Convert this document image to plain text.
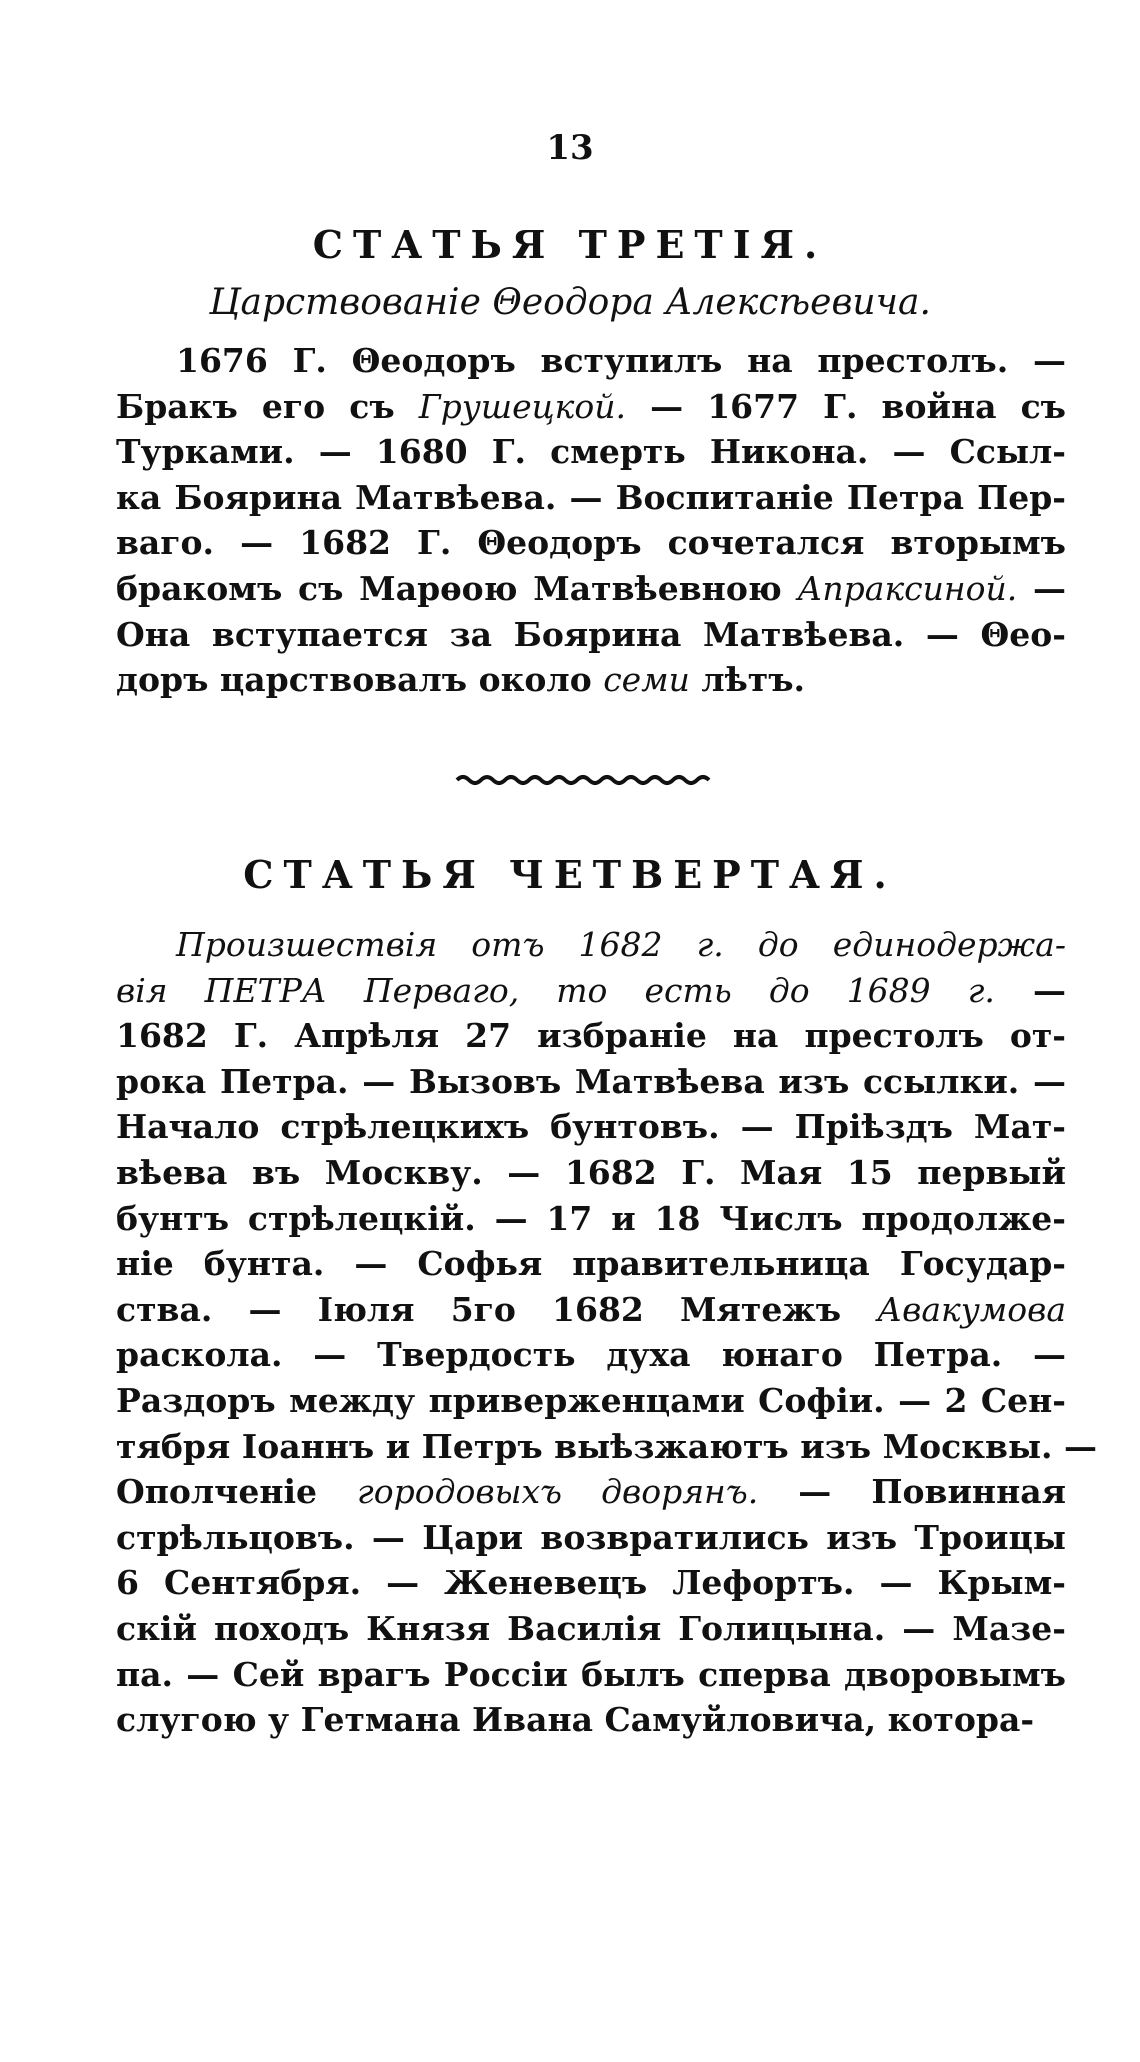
13
СТАТЬЯ ТРЕТІЯ.
Царствованіе Θеодора Алексѣевича.
1676 Г. Θеодоръ вступилъ на престолъ. —
Бракъ его съ Грушецкой. — 1677 Г. война съ
Турками. — 1680 Г. смерть Никона. — Ссыл-
ка Боярина Матвѣева. — Воспитаніе Петра Пер-
ваго. — 1682 Г. Θеодоръ сочетался вторымъ
бракомъ съ Марѳою Матвѣевною Апраксиной. —
Она вступается за Боярина Матвѣева. — Θео-
доръ царствовалъ около семи лѣтъ.
СТАТЬЯ ЧЕТВЕРТАЯ.
Произшествія отъ 1682 г. до единодержа-
вія ПЕТРА Перваго, то есть до 1689 г. —
1682 Г. Апрѣля 27 избраніе на престолъ от-
рока Петра. — Вызовъ Матвѣева изъ ссылки. —
Начало стрѣлецкихъ бунтовъ. — Пріѣздъ Мат-
вѣева въ Москву. — 1682 Г. Мая 15 первый
бунтъ стрѣлецкій. — 17 и 18 Числъ продолже-
ніе бунта. — Софья правительница Государ-
ства. — Іюля 5го 1682 Мятежъ Авакумова
раскола. — Твердость духа юнаго Петра. —
Раздоръ между приверженцами Софіи. — 2 Сен-
тября Іоаннъ и Петръ выѣзжаютъ изъ Москвы. —
Ополченіе городовыхъ дворянъ. — Повинная
стрѣльцовъ. — Цари возвратились изъ Троицы
6 Сентября. — Женевецъ Лефортъ. — Крым-
скій походъ Князя Василія Голицына. — Мазе-
па. — Сей врагъ Россіи былъ сперва дворовымъ
слугою у Гетмана Ивана Самуйловича, котора-
